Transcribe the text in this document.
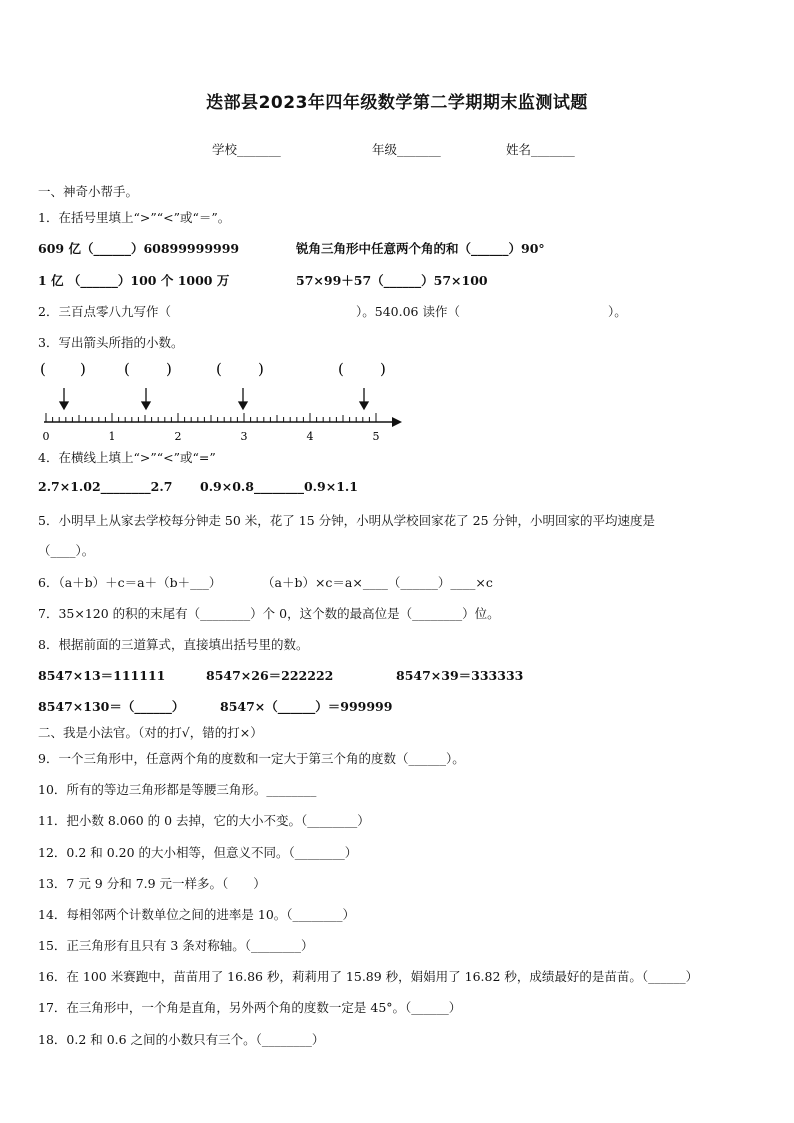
迭部县2023年四年级数学第二学期期末监测试题
学校_______	年级_______	姓名_______
一、神奇小帮手。
1．在括号里填上“>”“<”或“＝”。
609 亿（______）60899999999	锐角三角形中任意两个角的和（______）90°
1 亿 （______）100 个 1000 万	57×99＋57（______）57×100
2．三百点零八九写作（	）。540.06 读作（	）。
3．写出箭头所指的小数。
( )	( )	( )	( )
0	1	2	3	4	5
4．在横线上填上“>”“<”或“=”
2.7×1.02________2.7 0.9×0.8________0.9×1.1
5．小明早上从家去学校每分钟走 50 米，花了 15 分钟，小明从学校回家花了 25 分钟，小明回家的平均速度是
（____）。
6．（a＋b）＋c＝a＋（b＋___）	（a＋b）×c＝a×____（______）____×c
7．35×120 的积的末尾有（________）个 0，这个数的最高位是（________）位。
8．根据前面的三道算式，直接填出括号里的数。
8547×13＝111111	8547×26＝222222	8547×39＝333333
8547×130＝（______）	8547×（______）＝999999
二、我是小法官。（对的打√，错的打×）
9．一个三角形中，任意两个角的度数和一定大于第三个角的度数（______）。
10．所有的等边三角形都是等腰三角形。________
11．把小数 8.060 的 0 去掉，它的大小不变。（________）
12．0.2 和 0.20 的大小相等，但意义不同。（________）
13．7 元 9 分和 7.9 元一样多。（　　）
14．每相邻两个计数单位之间的进率是 10。（________）
15．正三角形有且只有 3 条对称轴。（________）
16．在 100 米赛跑中，苗苗用了 16.86 秒，莉莉用了 15.89 秒，娟娟用了 16.82 秒，成绩最好的是苗苗。（______）
17．在三角形中，一个角是直角，另外两个角的度数一定是 45°。（______）
18．0.2 和 0.6 之间的小数只有三个。（________）
